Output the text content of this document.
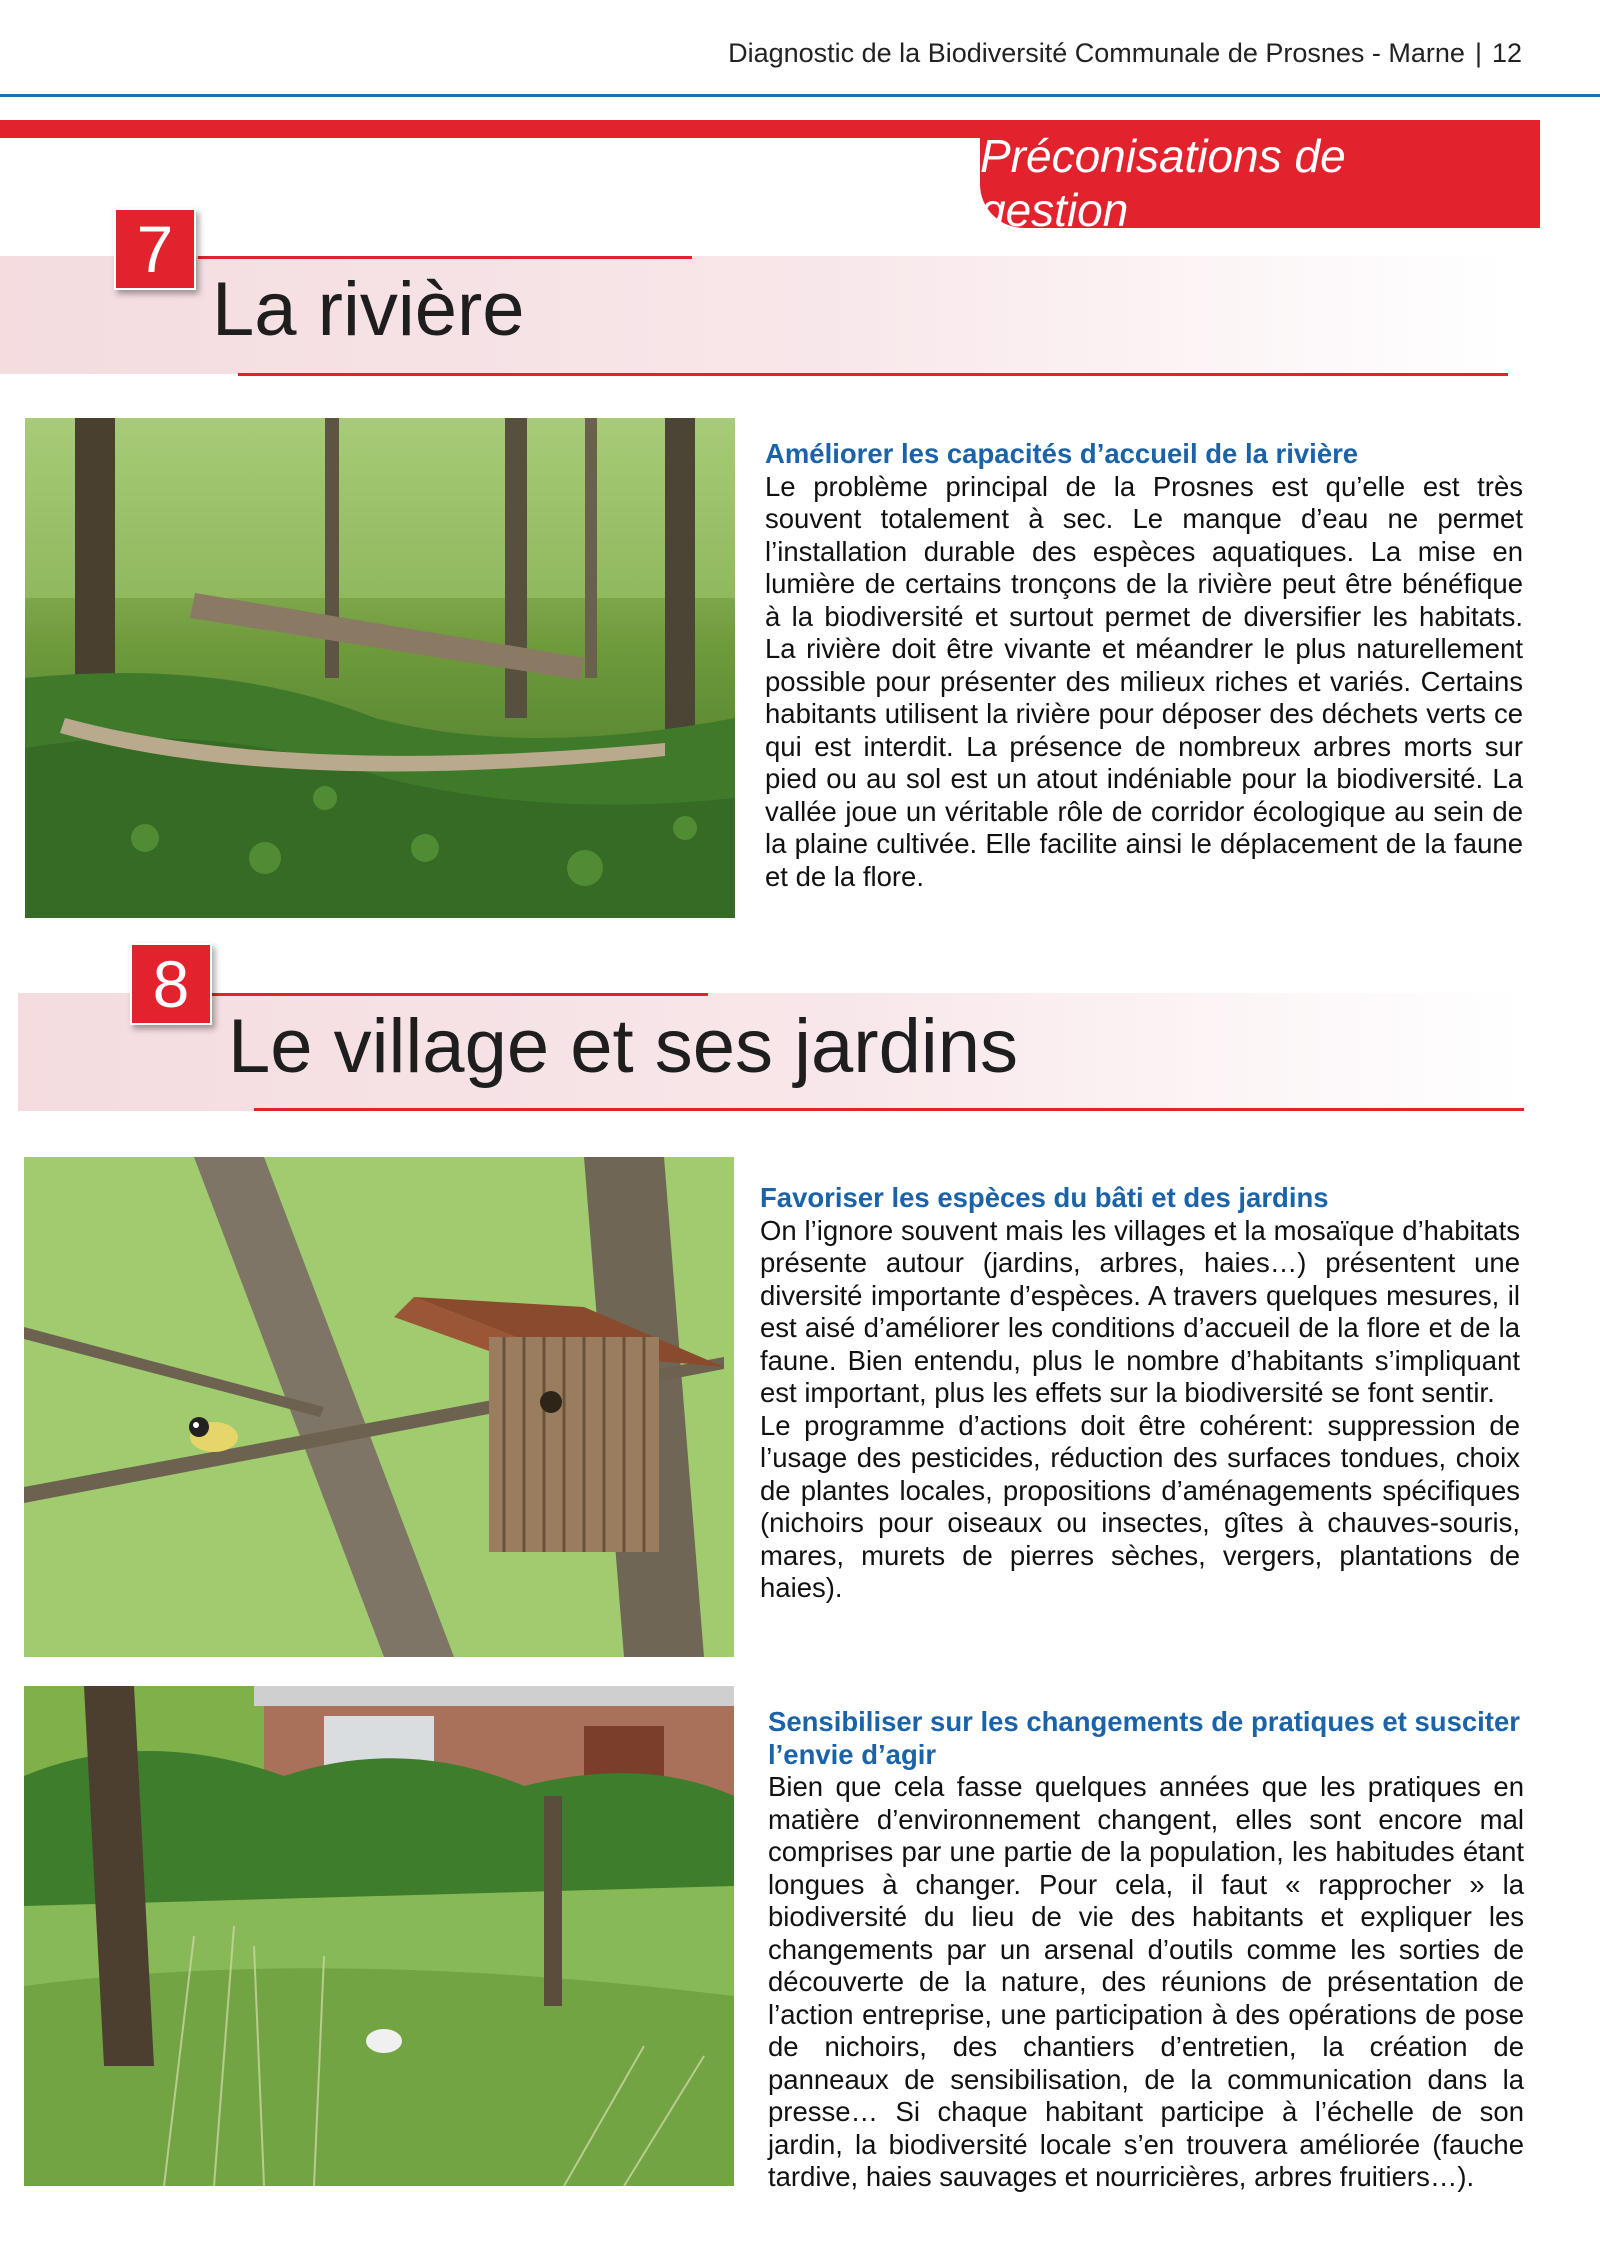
Diagnostic de la Biodiversité Communale de Prosnes - Marne | 12
Préconisations de gestion
7
La rivière
Améliorer les capacités d’accueil de la rivière

Le problème principal de la Prosnes est qu’elle est très souvent totalement à sec. Le manque d’eau ne permet l’installation durable des espèces aquatiques. La mise en lumière de certains tronçons de la rivière peut être bénéfique à la biodiversité et surtout permet de diversifier les habitats. La rivière doit être vivante et méandrer le plus naturellement possible pour présenter des milieux riches et variés. Certains habitants utilisent la rivière pour déposer des déchets verts ce qui est interdit. La présence de nombreux arbres morts sur pied ou au sol est un atout indéniable pour la biodiversité. La vallée joue un véritable rôle de corridor écologique au sein de la plaine cultivée. Elle facilite ainsi le déplacement de la faune et de la flore.

8
Le village et ses jardins
Favoriser les espèces du bâti et des jardins

On l’ignore souvent mais les villages et la mosaïque d’habitats présente autour (jardins, arbres, haies…) présentent une diversité importante d’espèces. A travers quelques mesures, il est aisé d’améliorer les conditions d’accueil de la flore et de la faune. Bien entendu, plus le nombre d’habitants s’impliquant est important, plus les effets sur la biodiversité se font sentir.

Le programme d’actions doit être cohérent: suppression de l’usage des pesticides, réduction des surfaces tondues, choix de plantes locales, propositions d’aménagements spécifiques (nichoirs pour oiseaux ou insectes, gîtes à chauves-souris, mares, murets de pierres sèches, vergers, plantations de haies).

Sensibiliser sur les changements de pratiques et susciter l’envie d’agir

Bien que cela fasse quelques années que les pratiques en matière d’environnement changent, elles sont encore mal comprises par une partie de la population, les habitudes étant longues à changer. Pour cela, il faut « rapprocher » la biodiversité du lieu de vie des habitants et expliquer les changements par un arsenal d’outils comme les sorties de découverte de la nature, des réunions de présentation de l’action entreprise, une participation à des opérations de pose de nichoirs, des chantiers d’entretien, la création de panneaux de sensibilisation, de la communication dans la presse… Si chaque habitant participe à l’échelle de son jardin, la biodiversité locale s’en trouvera améliorée (fauche tardive, haies sauvages et nourricières, arbres fruitiers…).
